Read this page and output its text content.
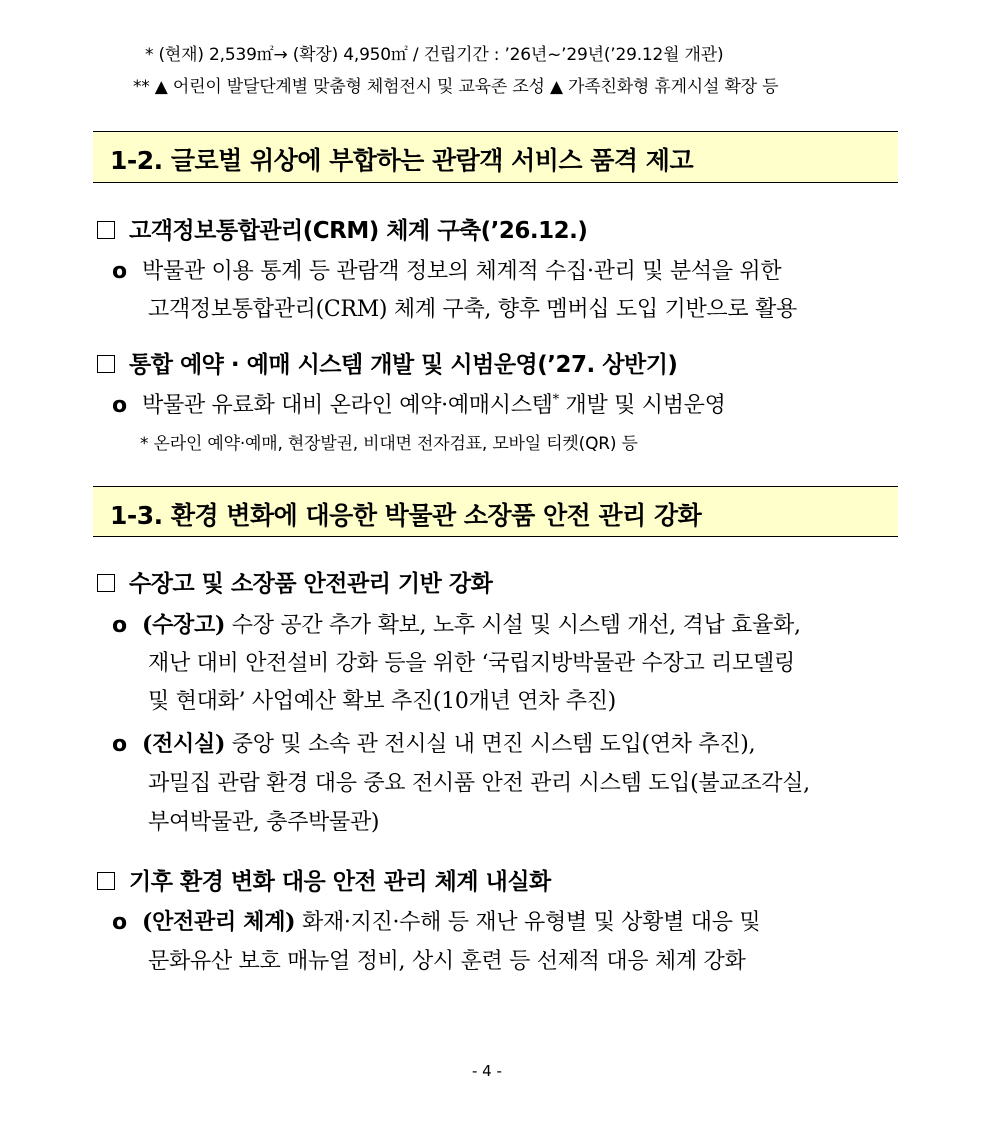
* (현재) 2,539㎡→ (확장) 4,950㎡ / 건립기간 : ’26년~’29년(’29.12월 개관)
** ▲ 어린이 발달단계별 맞춤형 체험전시 및 교육존 조성 ▲ 가족친화형 휴게시설 확장 등
1-2. 글로벌 위상에 부합하는 관람객 서비스 품격 제고
고객정보통합관리(CRM) 체계 구축(’26.12.)
o 박물관 이용 통계 등 관람객 정보의 체계적 수집·관리 및 분석을 위한
고객정보통합관리(CRM) 체계 구축, 향후 멤버십 도입 기반으로 활용
통합 예약 · 예매 시스템 개발 및 시범운영(’27. 상반기)
o 박물관 유료화 대비 온라인 예약·예매시스템* 개발 및 시범운영
* 온라인 예약·예매, 현장발권, 비대면 전자검표, 모바일 티켓(QR) 등
1-3. 환경 변화에 대응한 박물관 소장품 안전 관리 강화
수장고 및 소장품 안전관리 기반 강화
o (수장고) 수장 공간 추가 확보, 노후 시설 및 시스템 개선, 격납 효율화,
재난 대비 안전설비 강화 등을 위한 ‘국립지방박물관 수장고 리모델링
및 현대화’ 사업예산 확보 추진(10개년 연차 추진)
o (전시실) 중앙 및 소속 관 전시실 내 면진 시스템 도입(연차 추진),
과밀집 관람 환경 대응 중요 전시품 안전 관리 시스템 도입(불교조각실,
부여박물관, 충주박물관)
기후 환경 변화 대응 안전 관리 체계 내실화
o (안전관리 체계) 화재·지진·수해 등 재난 유형별 및 상황별 대응 및
문화유산 보호 매뉴얼 정비, 상시 훈련 등 선제적 대응 체계 강화
- 4 -
